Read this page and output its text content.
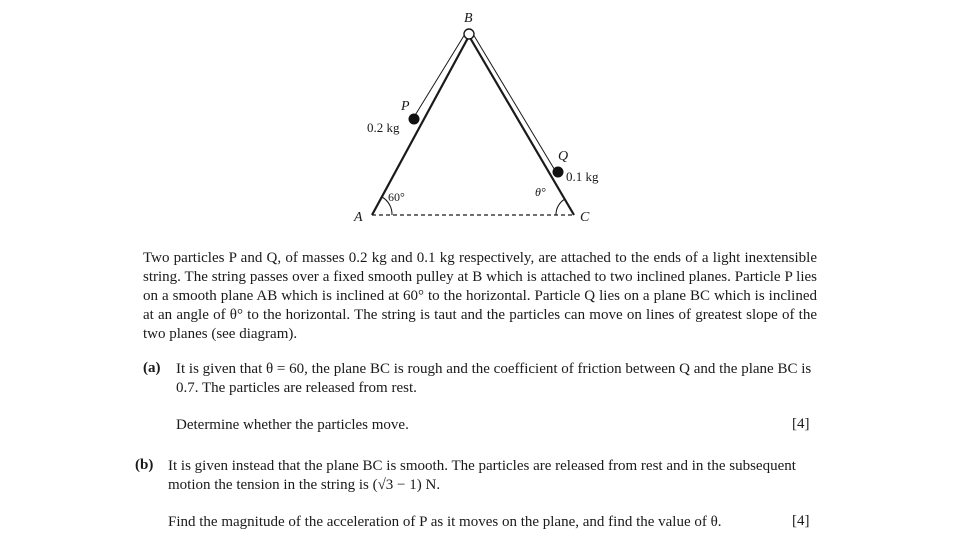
B
A	C
P
Q
0.2 kg
0.1 kg
60°	θ°
Two particles P and Q, of masses 0.2 kg and 0.1 kg respectively, are attached to the ends of a light inextensible string. The string passes over a fixed smooth pulley at B which is attached to two inclined planes. Particle P lies on a smooth plane AB which is inclined at 60° to the horizontal. Particle Q lies on a plane BC which is inclined at an angle of θ° to the horizontal. The string is taut and the particles can move on lines of greatest slope of the two planes (see diagram).
(a) It is given that θ = 60, the plane BC is rough and the coefficient of friction between Q and the plane BC is 0.7. The particles are released from rest.
Determine whether the particles move.	[4]
(b) It is given instead that the plane BC is smooth. The particles are released from rest and in the subsequent motion the tension in the string is (√3 − 1) N.
Find the magnitude of the acceleration of P as it moves on the plane, and find the value of θ.	[4]
